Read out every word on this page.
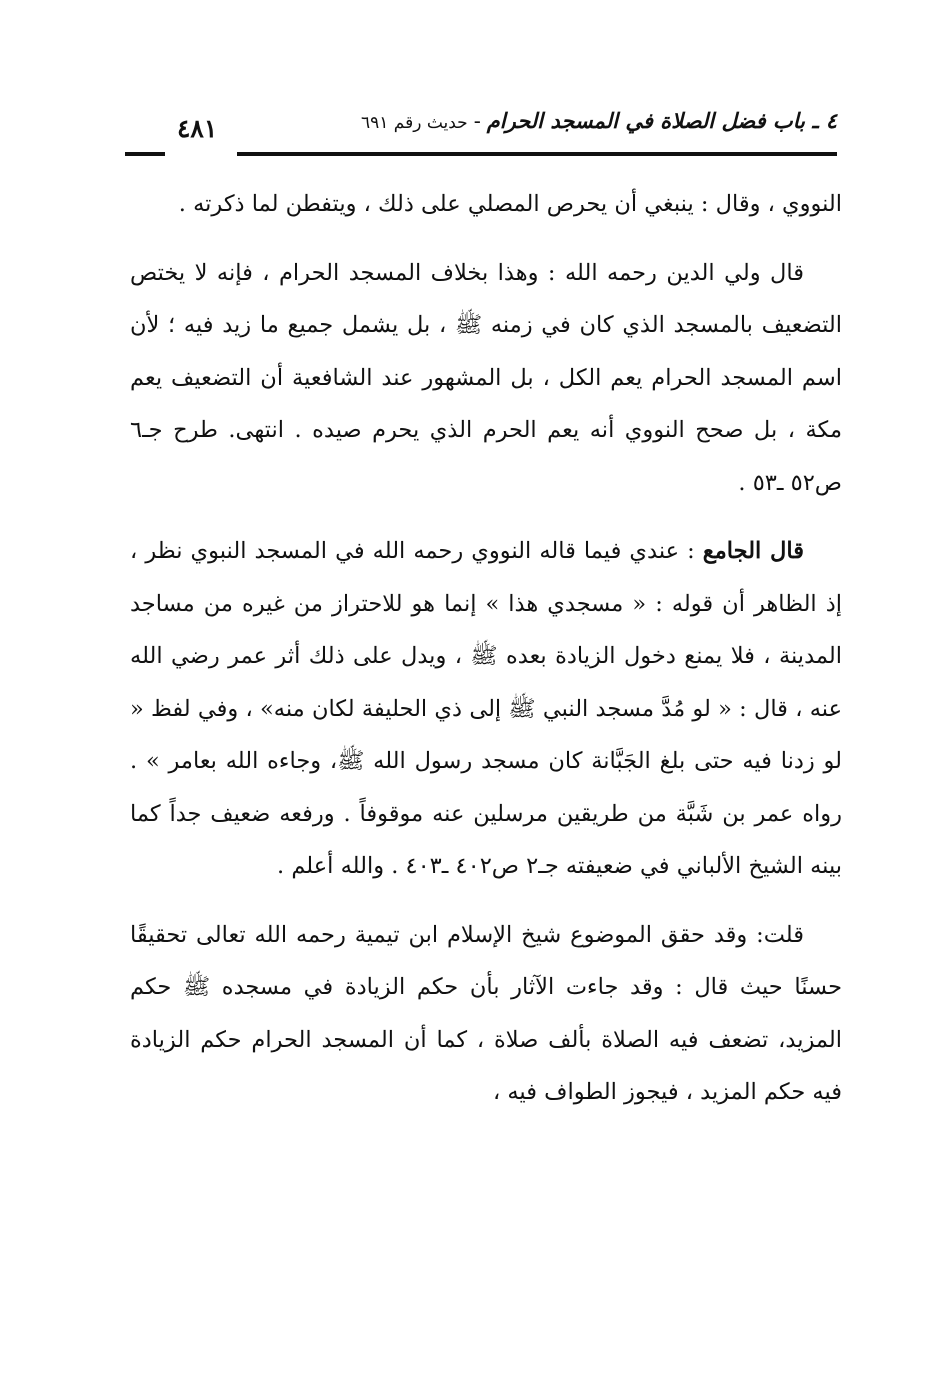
٤ ـ باب فضل الصلاة في المسجد الحرام-حديث رقم ٦٩١
٤٨١

النووي ، وقال : ينبغي أن يحرص المصلي على ذلك ، ويتفطن لما ذكرته .

قال ولي الدين رحمه الله : وهذا بخلاف المسجد الحرام ، فإنه لا يختص التضعيف بالمسجد الذي كان في زمنه ﷺ ، بل يشمل جميع ما زيد فيه ؛ لأن اسم المسجد الحرام يعم الكل ، بل المشهور عند الشافعية أن التضعيف يعم مكة ، بل صحح النووي أنه يعم الحرم الذي يحرم صيده . انتهى. طرح جـ٦ ص٥٢ ـ٥٣ .

قال الجامع : عندي فيما قاله النووي رحمه الله في المسجد النبوي نظر ، إذ الظاهر أن قوله : « مسجدي هذا » إنما هو للاحتراز من غيره من مساجد المدينة ، فلا يمنع دخول الزيادة بعده ﷺ ، ويدل على ذلك أثر عمر رضي الله عنه ، قال : « لو مُدَّ مسجد النبي ﷺ إلى ذي الحليفة لكان منه» ، وفي لفظ « لو زدنا فيه حتى بلغ الجَبَّانة كان مسجد رسول الله ﷺ، وجاءه الله بعامر » . رواه عمر بن شَبَّة من طريقين مرسلين عنه موقوفاً . ورفعه ضعيف جداً كما بينه الشيخ الألباني في ضعيفته جـ٢ ص٤٠٢ ـ٤٠٣ . والله أعلم .

قلت: وقد حقق الموضوع شيخ الإسلام ابن تيمية رحمه الله تعالى تحقيقًا حسنًا حيث قال : وقد جاءت الآثار بأن حكم الزيادة في مسجده ﷺ حكم المزيد، تضعف فيه الصلاة بألف صلاة ، كما أن المسجد الحرام حكم الزيادة فيه حكم المزيد ، فيجوز الطواف فيه ،
